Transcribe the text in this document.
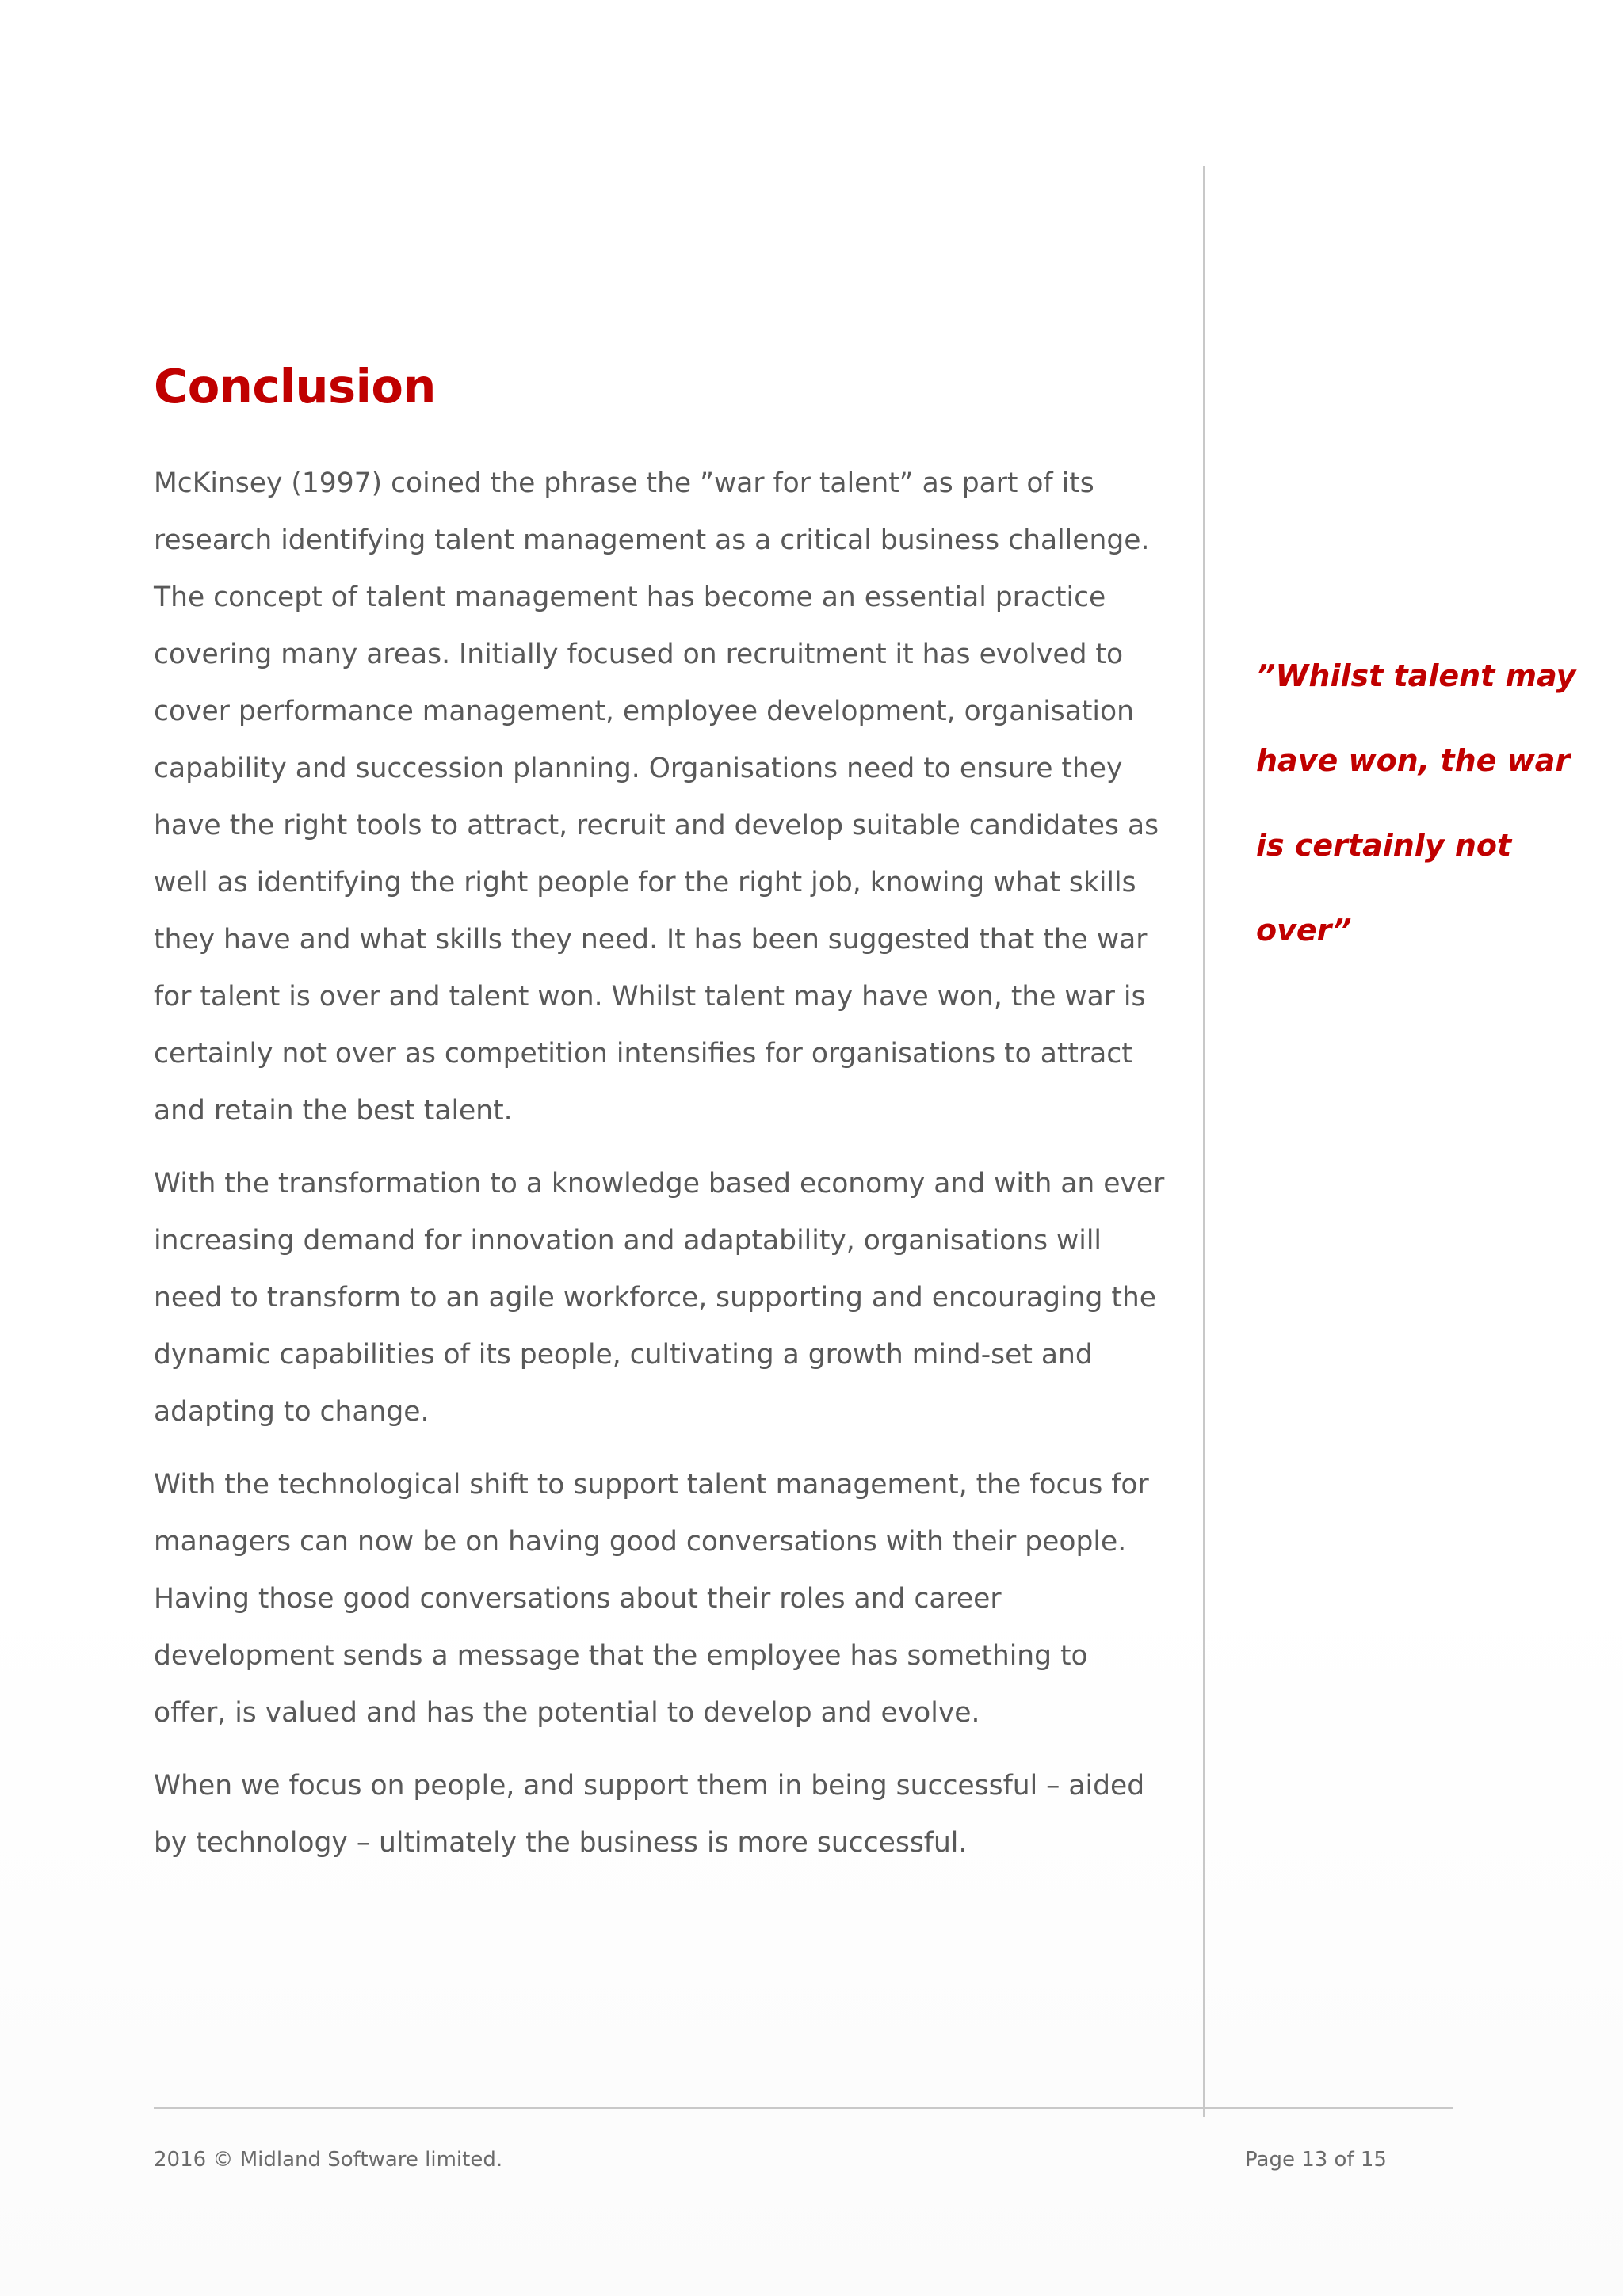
Conclusion

McKinsey (1997) coined the phrase the ”war for talent” as part of its research identifying talent management as a critical business challenge. The concept of talent management has become an essential practice covering many areas. Initially focused on recruitment it has evolved to cover performance management, employee development, organisation capability and succession planning. Organisations need to ensure they have the right tools to attract, recruit and develop suitable candidates as well as identifying the right people for the right job, knowing what skills they have and what skills they need. It has been suggested that the war for talent is over and talent won. Whilst talent may have won, the war is certainly not over as competition intensifies for organisations to attract and retain the best talent.

With the transformation to a knowledge based economy and with an ever increasing demand for innovation and adaptability, organisations will need to transform to an agile workforce, supporting and encouraging the dynamic capabilities of its people, cultivating a growth mind-set and adapting to change.

With the technological shift to support talent management, the focus for managers can now be on having good conversations with their people. Having those good conversations about their roles and career development sends a message that the employee has something to offer, is valued and has the potential to develop and evolve.

When we focus on people, and support them in being successful – aided by technology – ultimately the business is more successful.

”Whilst talent may have won, the war is certainly not over”

2016 © Midland Software limited.	Page 13 of 15
